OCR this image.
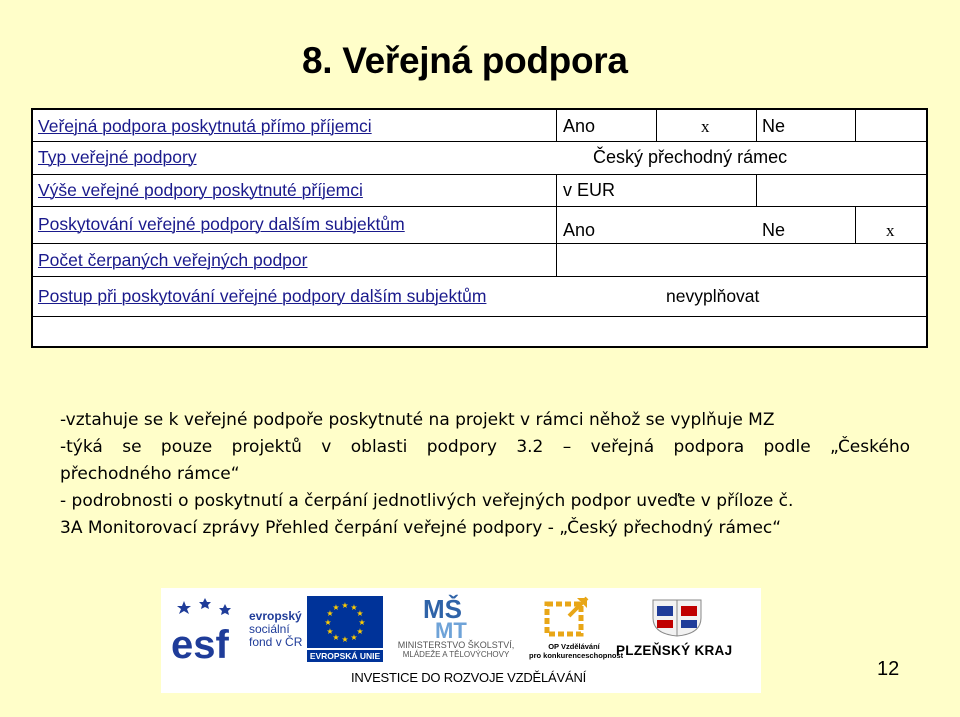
8. Veřejná podpora
Veřejná podpora poskytnutá přímo příjemci	Ano	x	Ne
Typ veřejné podpory	Český přechodný rámec
Výše veřejné podpory poskytnuté příjemci	v EUR
Poskytování veřejné podpory dalším subjektům	Ano	Ne	x
Počet čerpaných veřejných podpor
Postup při poskytování veřejné podpory dalším subjektům	nevyplňovat

-vztahuje se k veřejné podpoře poskytnuté na projekt v rámci něhož se vyplňuje MZ

-týká se pouze projektů v oblasti podpory 3.2 – veřejná podpora podle „Českého

přechodného rámce“

- podrobnosti o poskytnutí a čerpání jednotlivých veřejných podpor uveďte v příloze č.

3A Monitorovací zprávy Přehled čerpání veřejné podpory - „Český přechodný rámec“

esf
evropský
sociální
fond v ČR
★ ★
★
★
★
★
★
★
★
★
★
★
EVROPSKÁ UNIE
MŠ
MT
MINISTERSTVO ŠKOLSTVÍ,
MLÁDEŽE A TĚLOVÝCHOVY
OP Vzdělávání
pro konkurenceschopnost
PLZEŇSKÝ KRAJ
INVESTICE DO ROZVOJE VZDĚLÁVÁNÍ	12
